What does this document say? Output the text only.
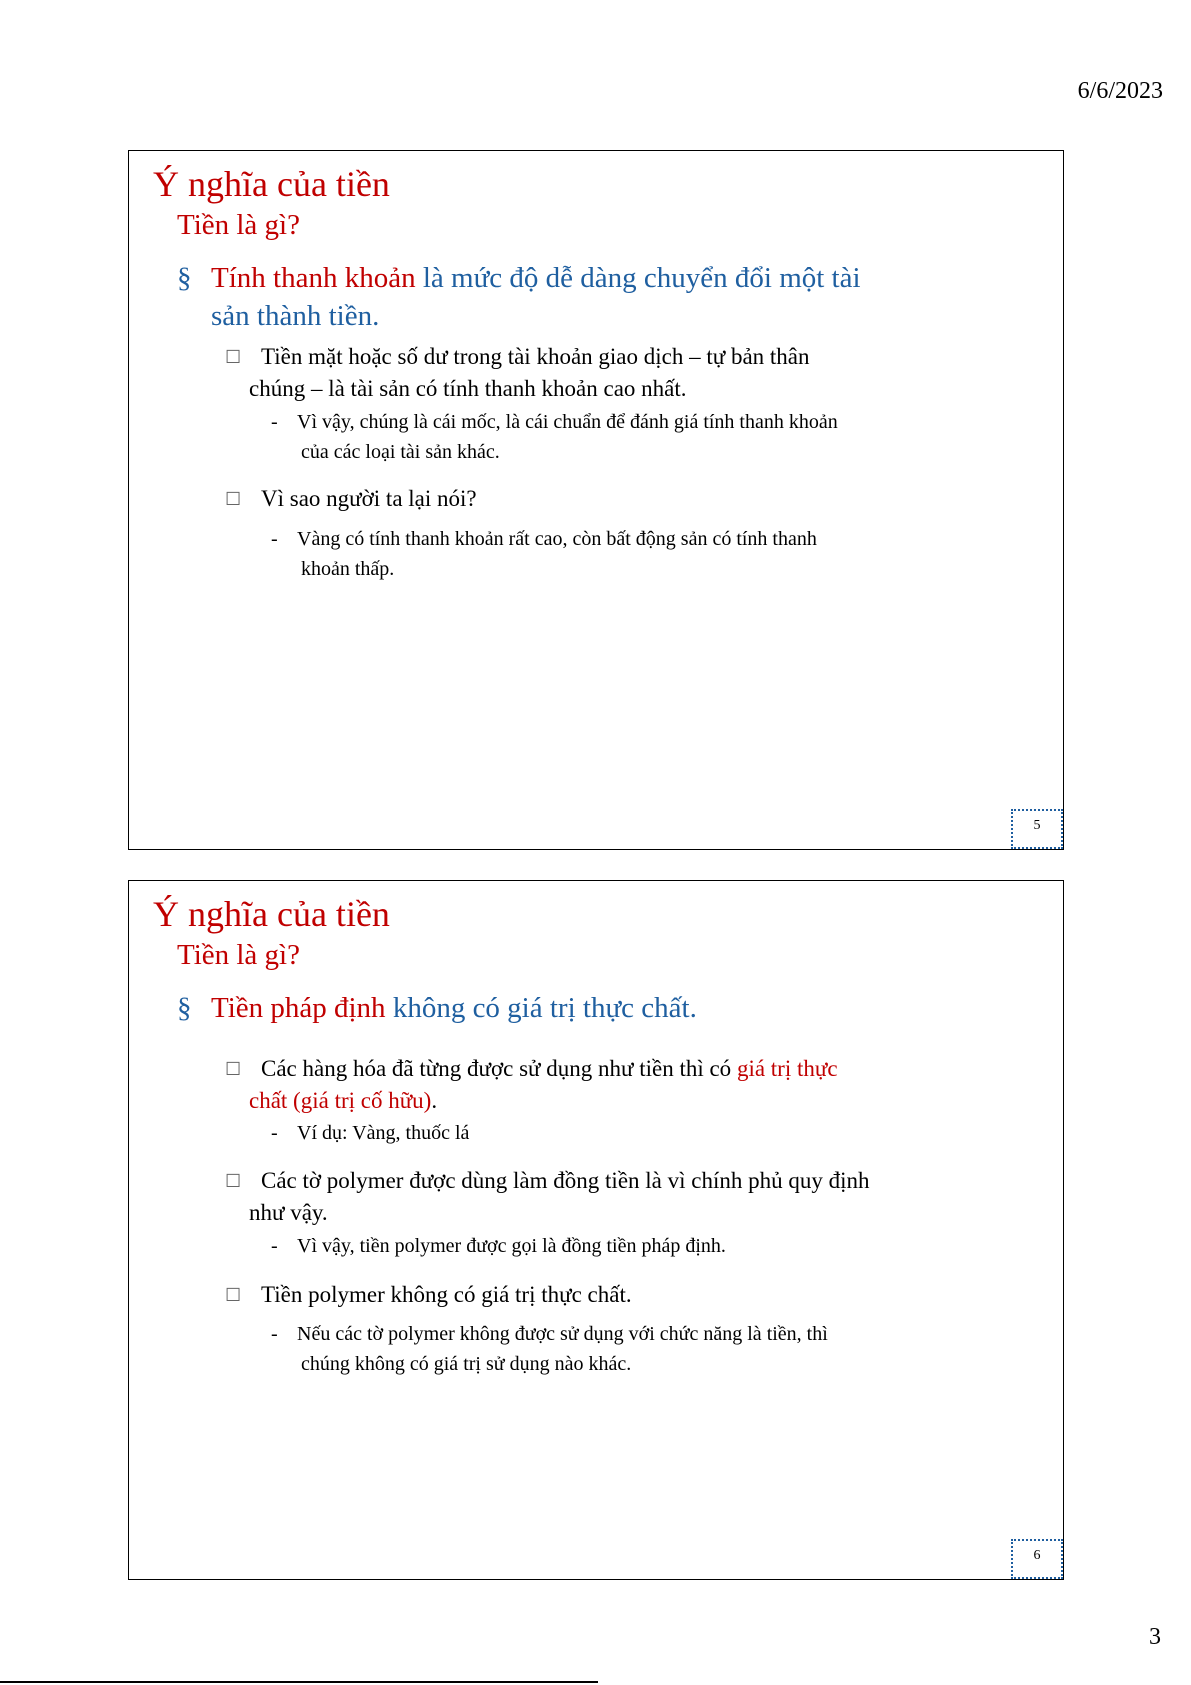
6/6/2023
Ý nghĩa của tiền
Tiền là gì?
§ Tính thanh khoản là mức độ dễ dàng chuyển đổi một tài
sản thành tiền.
☐ Tiền mặt hoặc số dư trong tài khoản giao dịch – tự bản thân
chúng – là tài sản có tính thanh khoản cao nhất.
- Vì vậy, chúng là cái mốc, là cái chuẩn để đánh giá tính thanh khoản
của các loại tài sản khác.
☐ Vì sao người ta lại nói?
- Vàng có tính thanh khoản rất cao, còn bất động sản có tính thanh
khoản thấp.
5
Ý nghĩa của tiền
Tiền là gì?
§ Tiền pháp định không có giá trị thực chất.
☐ Các hàng hóa đã từng được sử dụng như tiền thì có giá trị thực
chất (giá trị cố hữu).
- Ví dụ: Vàng, thuốc lá
☐ Các tờ polymer được dùng làm đồng tiền là vì chính phủ quy định
như vậy.
- Vì vậy, tiền polymer được gọi là đồng tiền pháp định.
☐ Tiền polymer không có giá trị thực chất.
- Nếu các tờ polymer không được sử dụng với chức năng là tiền, thì
chúng không có giá trị sử dụng nào khác.
6
3
